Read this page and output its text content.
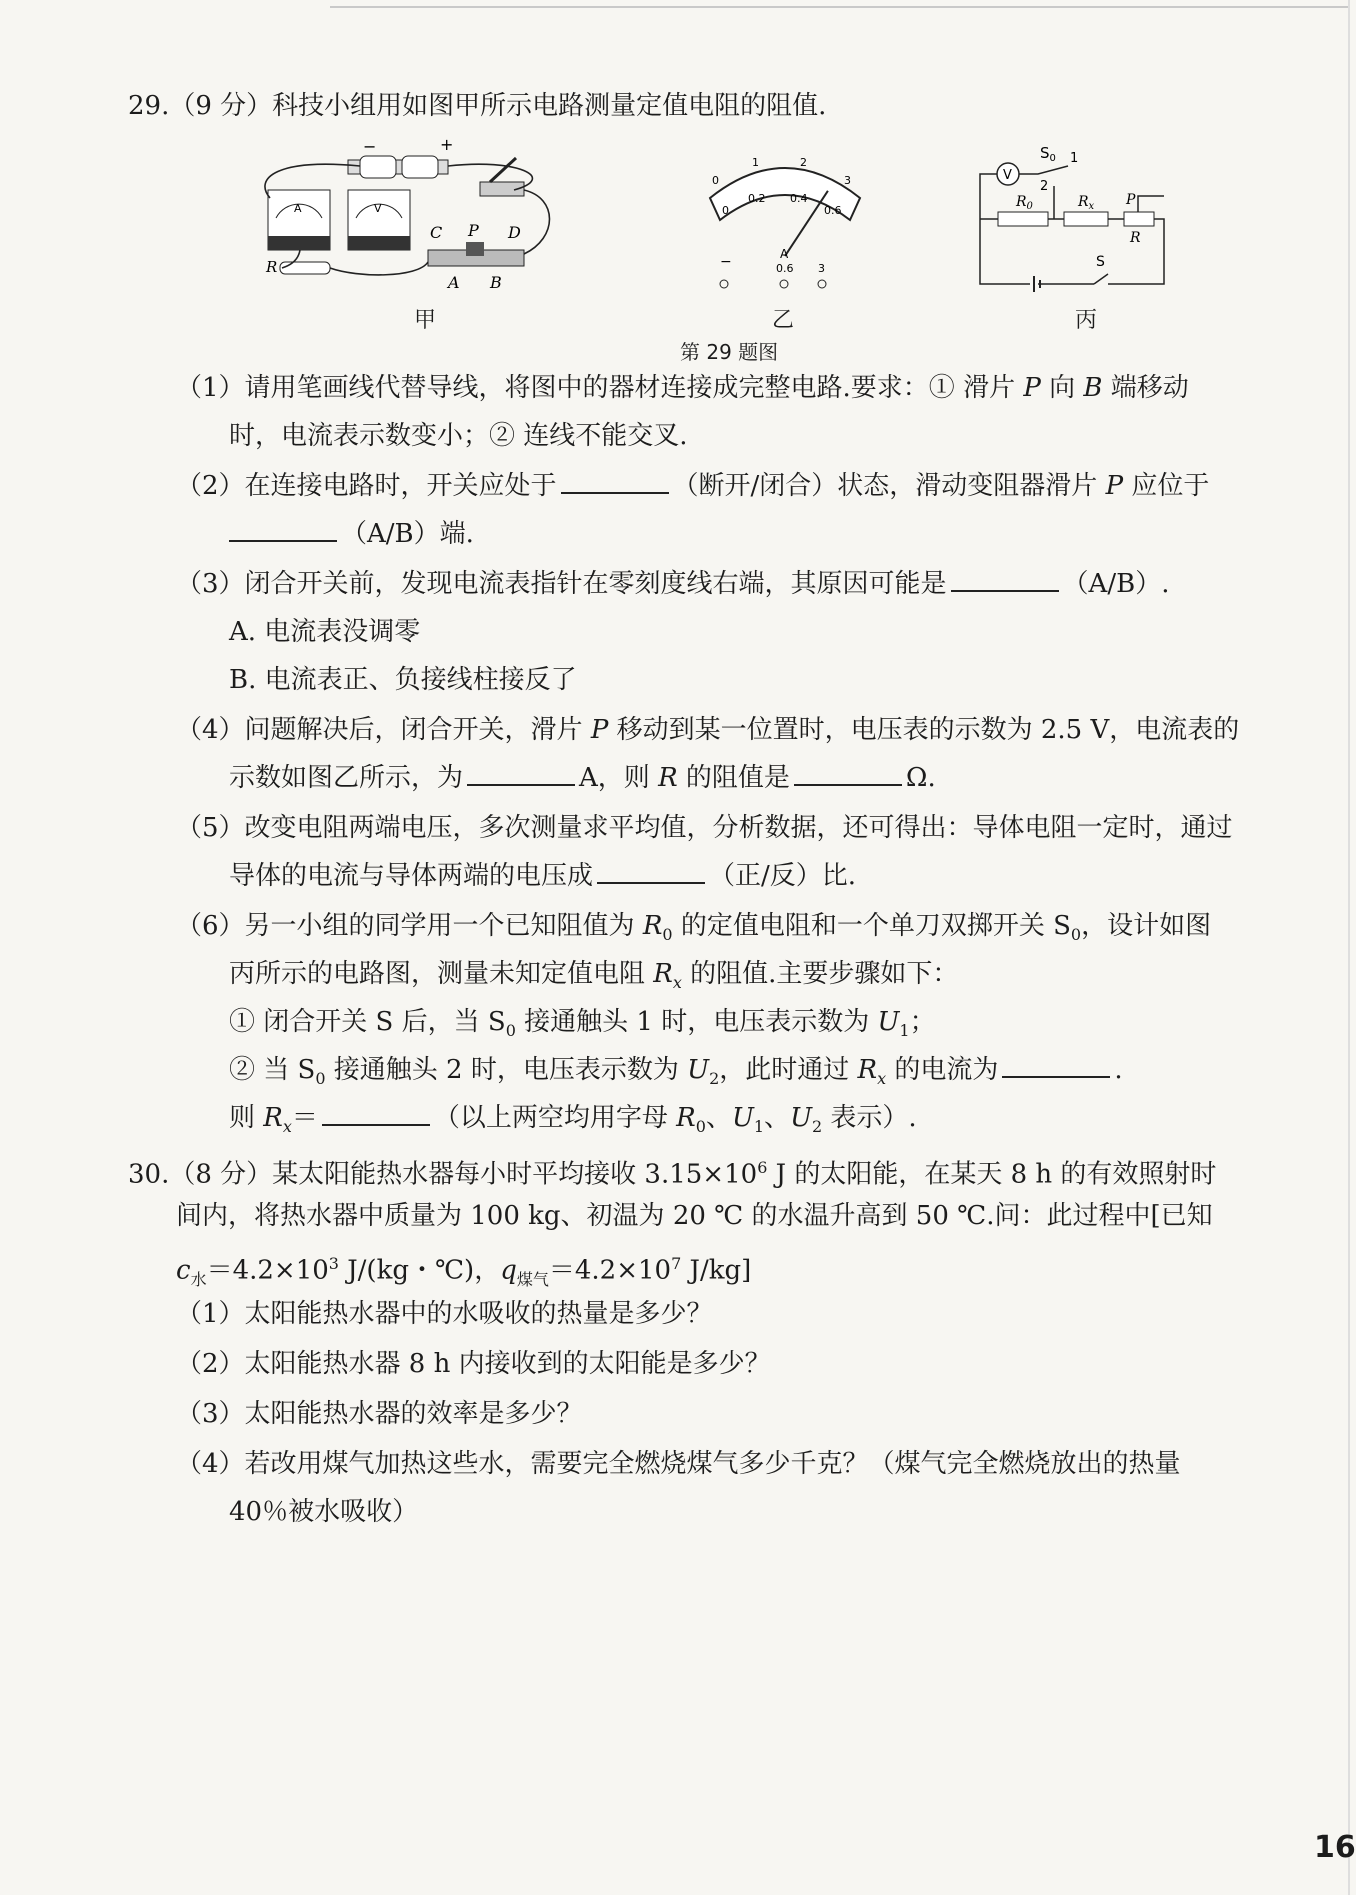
29.（9 分）科技小组用如图甲所示电路测量定值电阻的阻值.
−	+
A	V
R
C P D
A B
甲
0
1	2
3
0
0.2 0.4
0.6
−	A
0.6 3
乙
V
$S_0$ 1
2
$R_0$	$R_x$ P
R
S
丙
第 29 题图
（1）请用笔画线代替导线，将图中的器材连接成完整电路.要求：① 滑片 P 向 B 端移动
时，电流表示数变小；② 连线不能交叉.
（2）在连接电路时，开关应处于	（断开/闭合）状态，滑动变阻器滑片 P 应位于
（A/B）端.
（3）闭合开关前，发现电流表指针在零刻度线右端，其原因可能是	（A/B）.
A. 电流表没调零
B. 电流表正、负接线柱接反了
（4）问题解决后，闭合开关，滑片 P 移动到某一位置时，电压表的示数为 2.5 V，电流表的
示数如图乙所示，为	A，则 R 的阻值是	Ω.
（5）改变电阻两端电压，多次测量求平均值，分析数据，还可得出：导体电阻一定时，通过
导体的电流与导体两端的电压成	（正/反）比.
（6）另一小组的同学用一个已知阻值为 $R_0$ 的定值电阻和一个单刀双掷开关 $S_0$，设计如图
丙所示的电路图，测量未知定值电阻 $R_x$ 的阻值.主要步骤如下：
① 闭合开关 S 后，当 $S_0$ 接通触头 1 时，电压表示数为 $U_1$；
② 当 $S_0$ 接通触头 2 时，电压表示数为 $U_2$，此时通过 $R_x$ 的电流为	.
则 $R_x=$	（以上两空均用字母 $R_0$、$U_1$、$U_2$ 表示）.
30.（8 分）某太阳能热水器每小时平均接收 $3.15\times 10^6$ J 的太阳能，在某天 8 h 的有效照射时
间内，将热水器中质量为 100 kg、初温为 20 ℃ 的水温升高到 50 ℃.问：此过程中[已知
$c_水=4.2\times 10^3$ J/(kg・℃)，$q_{煤气}=4.2\times 10^7$ J/kg]
（1）太阳能热水器中的水吸收的热量是多少？
（2）太阳能热水器 8 h 内接收到的太阳能是多少？
（3）太阳能热水器的效率是多少？
（4）若改用煤气加热这些水，需要完全燃烧煤气多少千克？（煤气完全燃烧放出的热量
40％被水吸收）
16
